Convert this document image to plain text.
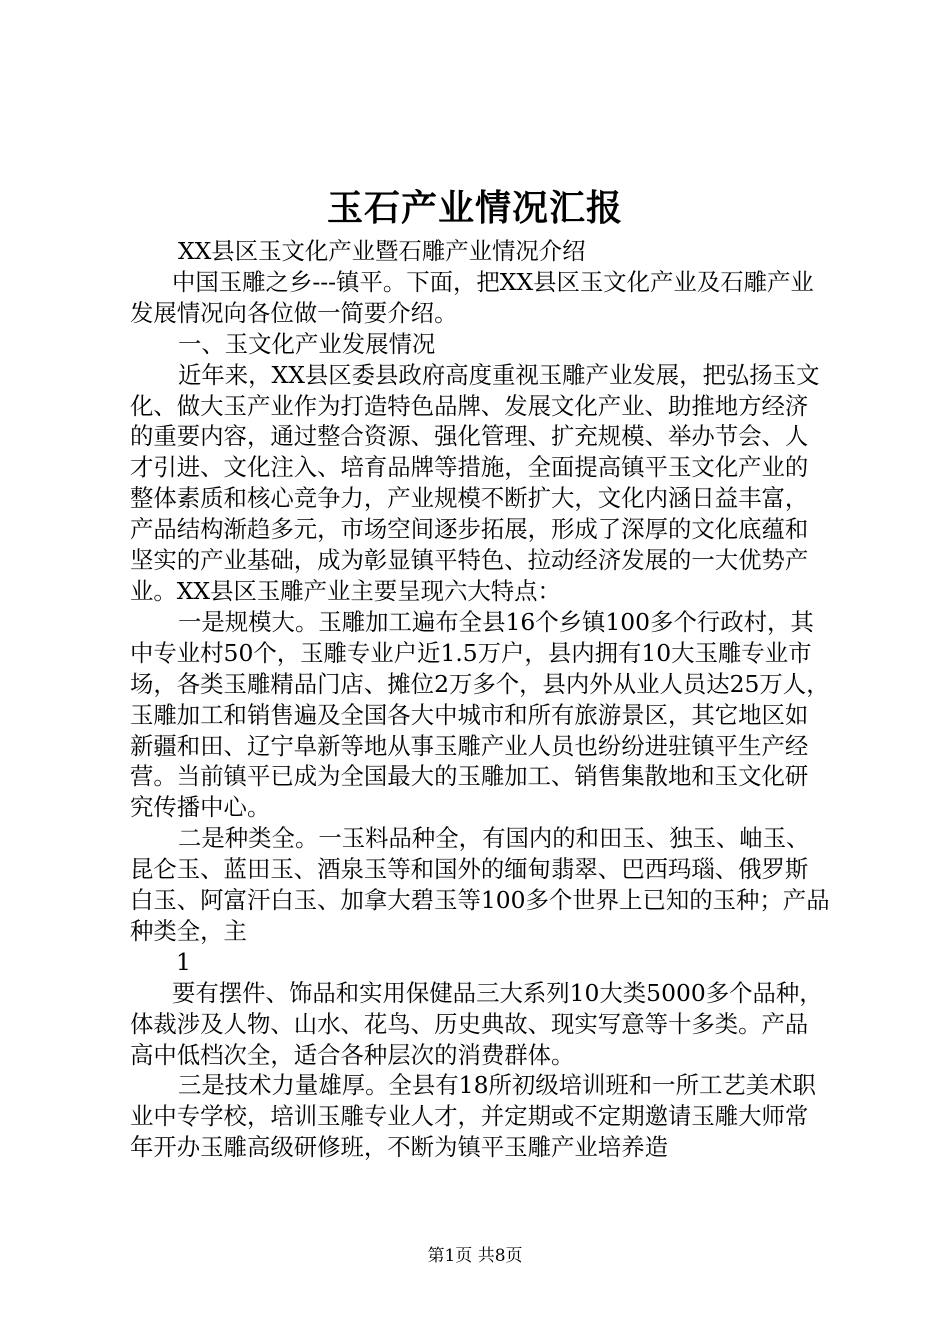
玉石产业情况汇报

XX县区玉文化产业暨石雕产业情况介绍

中国玉雕之乡---镇平。下面，把XX县区玉文化产业及石雕产业发展情况向各位做一简要介绍。

一、玉文化产业发展情况

近年来，XX县区委县政府高度重视玉雕产业发展，把弘扬玉文化、做大玉产业作为打造特色品牌、发展文化产业、助推地方经济的重要内容，通过整合资源、强化管理、扩充规模、举办节会、人才引进、文化注入、培育品牌等措施，全面提高镇平玉文化产业的整体素质和核心竞争力，产业规模不断扩大，文化内涵日益丰富，产品结构渐趋多元，市场空间逐步拓展，形成了深厚的文化底蕴和坚实的产业基础，成为彰显镇平特色、拉动经济发展的一大优势产业。XX县区玉雕产业主要呈现六大特点：

一是规模大。玉雕加工遍布全县16个乡镇100多个行政村，其中专业村50个，玉雕专业户近1.5万户，县内拥有10大玉雕专业市场，各类玉雕精品门店、摊位2万多个，县内外从业人员达25万人，玉雕加工和销售遍及全国各大中城市和所有旅游景区，其它地区如新疆和田、辽宁阜新等地从事玉雕产业人员也纷纷进驻镇平生产经营。当前镇平已成为全国最大的玉雕加工、销售集散地和玉文化研究传播中心。

二是种类全。一玉料品种全，有国内的和田玉、独玉、岫玉、昆仑玉、蓝田玉、酒泉玉等和国外的缅甸翡翠、巴西玛瑙、俄罗斯白玉、阿富汗白玉、加拿大碧玉等100多个世界上已知的玉种；产品种类全，主

1

要有摆件、饰品和实用保健品三大系列10大类5000多个品种，体裁涉及人物、山水、花鸟、历史典故、现实写意等十多类。产品高中低档次全，适合各种层次的消费群体。

三是技术力量雄厚。全县有18所初级培训班和一所工艺美术职业中专学校，培训玉雕专业人才，并定期或不定期邀请玉雕大师常年开办玉雕高级研修班，不断为镇平玉雕产业培养造

第1页 共8页
